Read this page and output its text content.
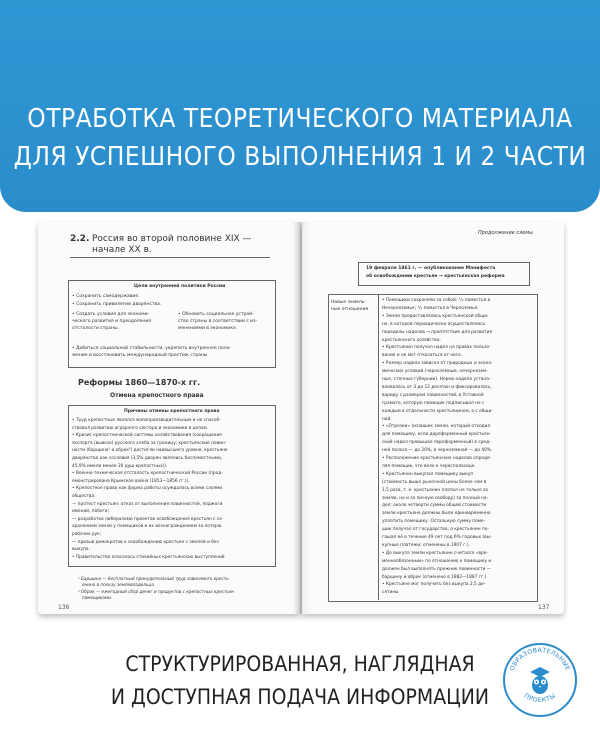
ОТРАБОТКА ТЕОРЕТИЧЕСКОГО МАТЕРИАЛА
ДЛЯ УСПЕШНОГО ВЫПОЛНЕНИЯ 1 И 2 ЧАСТИ
2.2. Россия во второй половине XIX —
начале XX в.
Цели внутренней политики России
• Сохранить самодержавие.
• Сохранить привилегии дворянства.
• Создать условия для экономи-
ческого развития и преодоления
отсталости страны.
• Обновить социальное устрой-
ство страны в соответствии с из-
менениями в экономике.
• Добиться социальной стабильности, укрепить внутреннее поло-
жение и восстановить международный престиж страны
Реформы 1860—1870-х гг.
Отмена крепостного права
Причины отмены крепостного права
• Труд крепостных являлся малопроизводительным и не способ-
ствовал развитию аграрного сектора и экономики в целом.
• Кризис крепостнической системы хозяйствования (сокращение
экспорта (вывоза) русского хлеба за границу; крестьянские повин-
ности (барщина¹ и оброк²) достигли наивысшего уровня, крестьяне
дворянства как сословия (3,5% дворян являлись беспоместными,
45,9% имели менее 20 душ крепостных)).
• Военно-техническая отсталость крепостнической России (прод-
емонстрирована Крымская война (1853—1856 гг.)).
• Крепостное право как форма работы осуждалась всеми слоями
общества:
— протест крестьян: отказ от выполнения повинностей, поджоги
имений, побеги;
— разработка либералами проектов освобождения крестьян с со-
хранением земли у помещиков и их вознаграждением за потерю
рабочих рук;
— призыв демократов к освобождению крестьян с землей и без
выкупа.
• Правительство опасалось стихийных крестьянских выступлений
¹ Барщина — бесплатный принудительный труд зависимого кресть-
янина в пользу землевладельца.
² Оброк — ежегодный сбор денег и продуктов с крепостных крестьян
помещиками.
136
Продолжение схемы
19 февраля 1861 г. — опубликование Манифеста
об освобождении крестьян → крестьянская реформа
Новые земель-
ные отношения
• Помещики сохраняли за собой: ¹/₃ поместья в
Нечерноземье; ¹/₂ поместья в Черноземье.
• Земли предоставлялись крестьянской общи-
не, в которой периодически осуществлялись
переделы наделов → препятствие для развития
крестьянского хозяйства.
• Крестьянин получал надел на правах пользо-
вания и не мог отказаться от него.
• Размер надела зависел от природных и эконо-
мических условий (черноземные, нечернозем-
ные, степные губернии). Норма надела устана-
вливалась от 3 до 12 десятин и фиксировалась,
вариду с размером повинностей, в Уставной
грамоте, которую помещик подписывал не с
каждым в отдельности крестьянином, а с общи-
ной.
• «Отрезки» (излишек земли, который отходил
для помещику, если дореформенный крестьян-
ский надел превышал пореформенный) в сред-
ней полосе — до 20%, в черноземной — до 40%.
• Расположение крестьянских наделов опреде-
лял помещик, что вело к чересполосице.
• Крестьянин выкупал помещику выкуп
(стоимость выше рыночной цены более чем в
1,5 раза, т. е. крестьянин платил не только за
землю, но и за личную свободу) за полный на-
дел: около четверти суммы общей стоимости
земли крестьяне должны были единовременно
уплатить помещику. Остальную сумму поме-
щик получал от государства, а крестьянин по-
гашал её в течение 49 лет под 6% годовых (вы-
купные платежи; отменены в 1907 г.).
• До выкупа земли крестьянин считался «вре-
меннообязанным» по отношению к помещику и
должен был выполнять прежние повинности —
барщину и оброк (отменено в 1882—1887 гг.).
• Крестьяне мог получить без выкупа 2,5 де-
сятины
137
СТРУКТУРИРОВАННАЯ, НАГЛЯДНАЯ
И ДОСТУПНАЯ ПОДАЧА ИНФОРМАЦИИ
ОБРАЗОВАТЕЛЬНЫЕ
ПРОЕКТЫ
